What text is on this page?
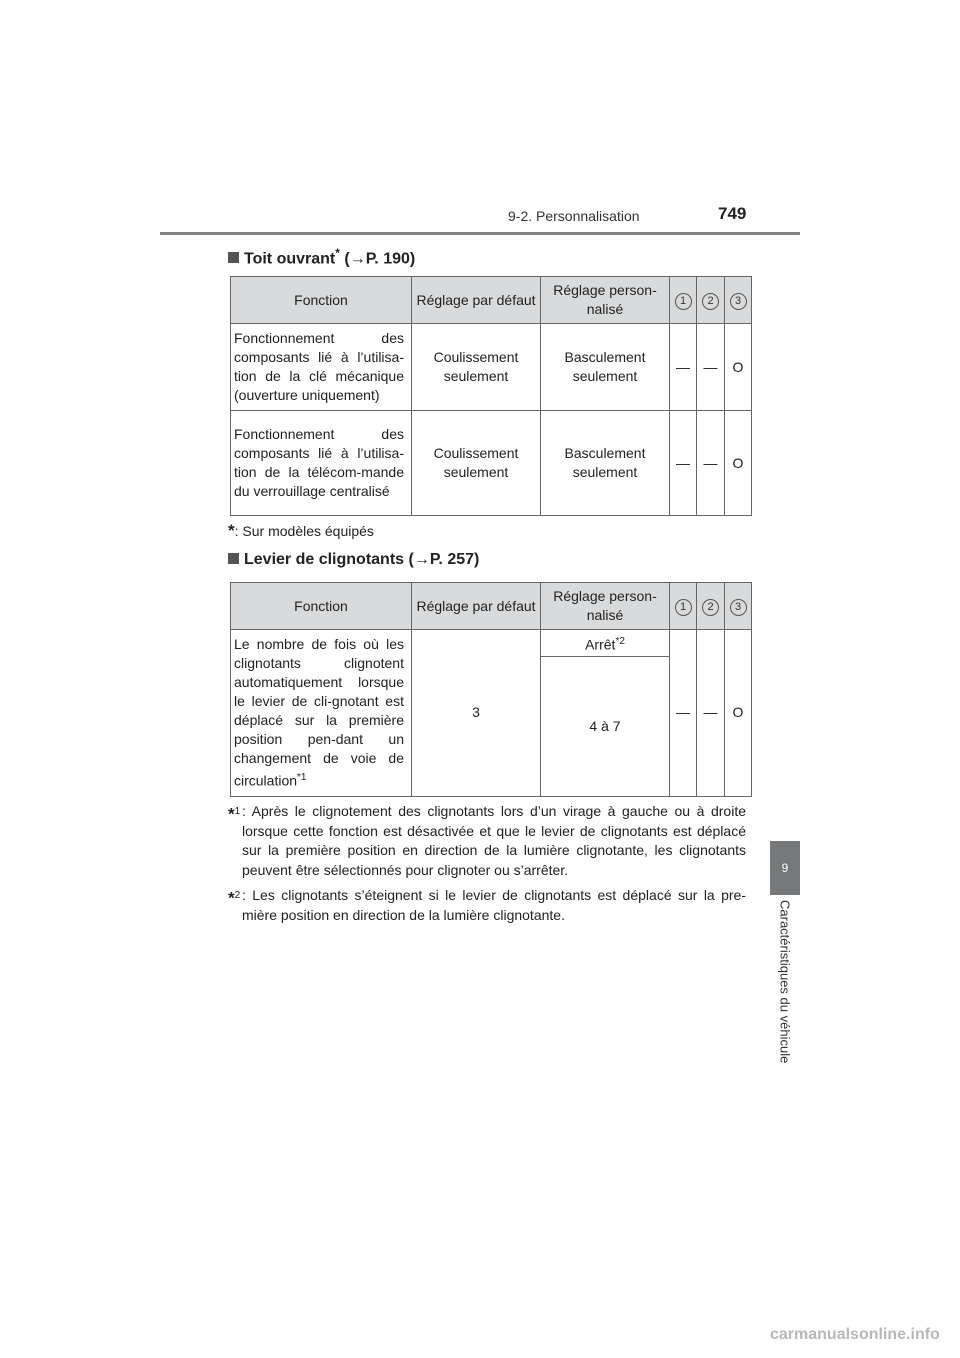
9-2. Personnalisation	749
9
Caractéristiques du véhicule
Toit ouvrant* (→P. 190)
Fonction	Réglage par défaut	Réglage person-nalisé	1	2	3
Fonctionnement des composants lié à l’utilisa-tion de la clé mécanique (ouverture uniquement)	Coulissement seulement	Basculement seulement	—	—	O
Fonctionnement des composants lié à l’utilisa-tion de la télécom-mande du verrouillage centralisé	Coulissement seulement	Basculement seulement	—	—	O
*: Sur modèles équipés
Levier de clignotants (→P. 257)
Fonction	Réglage par défaut	Réglage person-nalisé	1	2	3
Le nombre de fois où les clignotants clignotent automatiquement lorsque le levier de cli-gnotant est déplacé sur la première position pen-dant un changement de voie de circulation$^{*1}$	3	Arrêt$^{*2}$	—	—	O
		4 à 7			
*$^1$ : Après le clignotement des clignotants lors d’un virage à gauche ou à droite lorsque cette fonction est désactivée et que le levier de clignotants est déplacé sur la première position en direction de la lumière clignotante, les clignotants peuvent être sélectionnés pour clignoter ou s’arrêter.
*$^2$ : Les clignotants s’éteignent si le levier de clignotants est déplacé sur la pre-mière position en direction de la lumière clignotante.
carmanualsonline.info
